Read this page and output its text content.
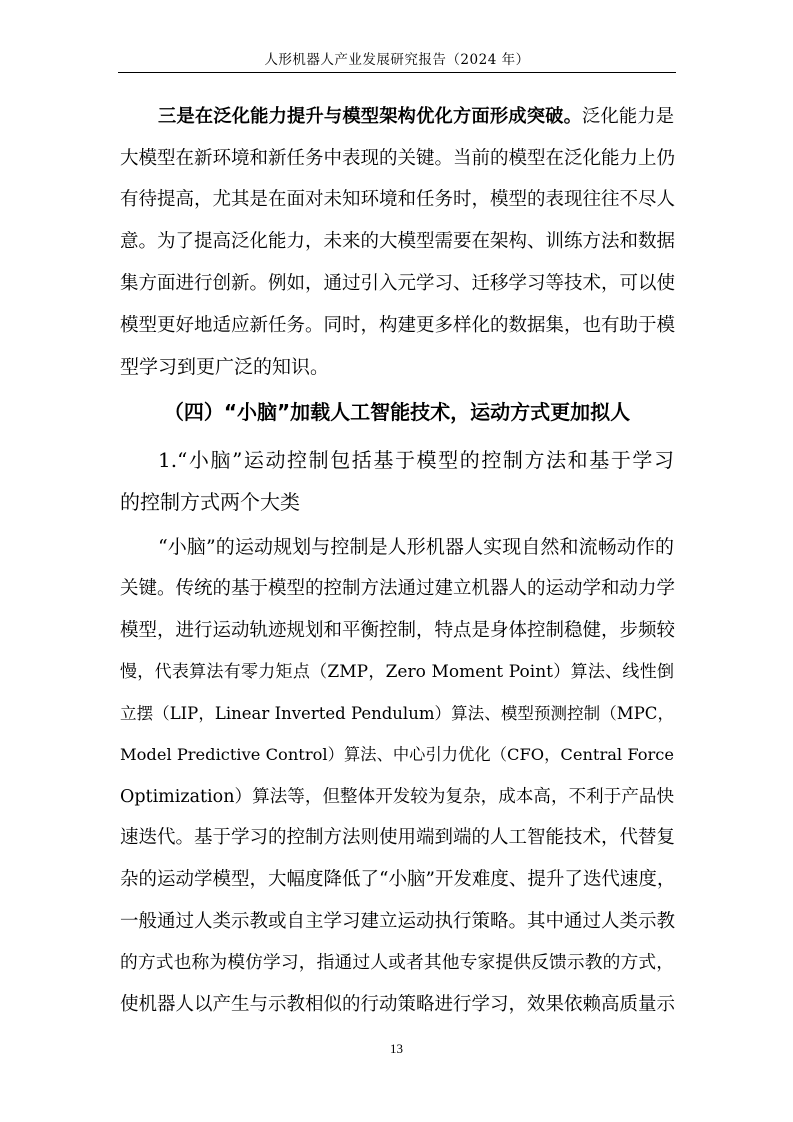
人形机器人产业发展研究报告（2024 年）
三是在泛化能力提升与模型架构优化方面形成突破。泛化能力是
大模型在新环境和新任务中表现的关键。当前的模型在泛化能力上仍
有待提高，尤其是在面对未知环境和任务时，模型的表现往往不尽人
意。为了提高泛化能力，未来的大模型需要在架构、训练方法和数据
集方面进行创新。例如，通过引入元学习、迁移学习等技术，可以使
模型更好地适应新任务。同时，构建更多样化的数据集，也有助于模
型学习到更广泛的知识。
（四）“小脑”加载人工智能技术，运动方式更加拟人
1.“小脑”运动控制包括基于模型的控制方法和基于学习
的控制方式两个大类
“小脑”的运动规划与控制是人形机器人实现自然和流畅动作的
关键。传统的基于模型的控制方法通过建立机器人的运动学和动力学
模型，进行运动轨迹规划和平衡控制，特点是身体控制稳健，步频较
慢，代表算法有零力矩点（ZMP，Zero Moment Point）算法、线性倒
立摆（LIP，Linear Inverted Pendulum）算法、模型预测控制（MPC，
Model Predictive Control）算法、中心引力优化（CFO，Central Force
Optimization）算法等，但整体开发较为复杂，成本高，不利于产品快
速迭代。基于学习的控制方法则使用端到端的人工智能技术，代替复
杂的运动学模型，大幅度降低了“小脑”开发难度、提升了迭代速度，
一般通过人类示教或自主学习建立运动执行策略。其中通过人类示教
的方式也称为模仿学习，指通过人或者其他专家提供反馈示教的方式，
使机器人以产生与示教相似的行动策略进行学习，效果依赖高质量示
13
